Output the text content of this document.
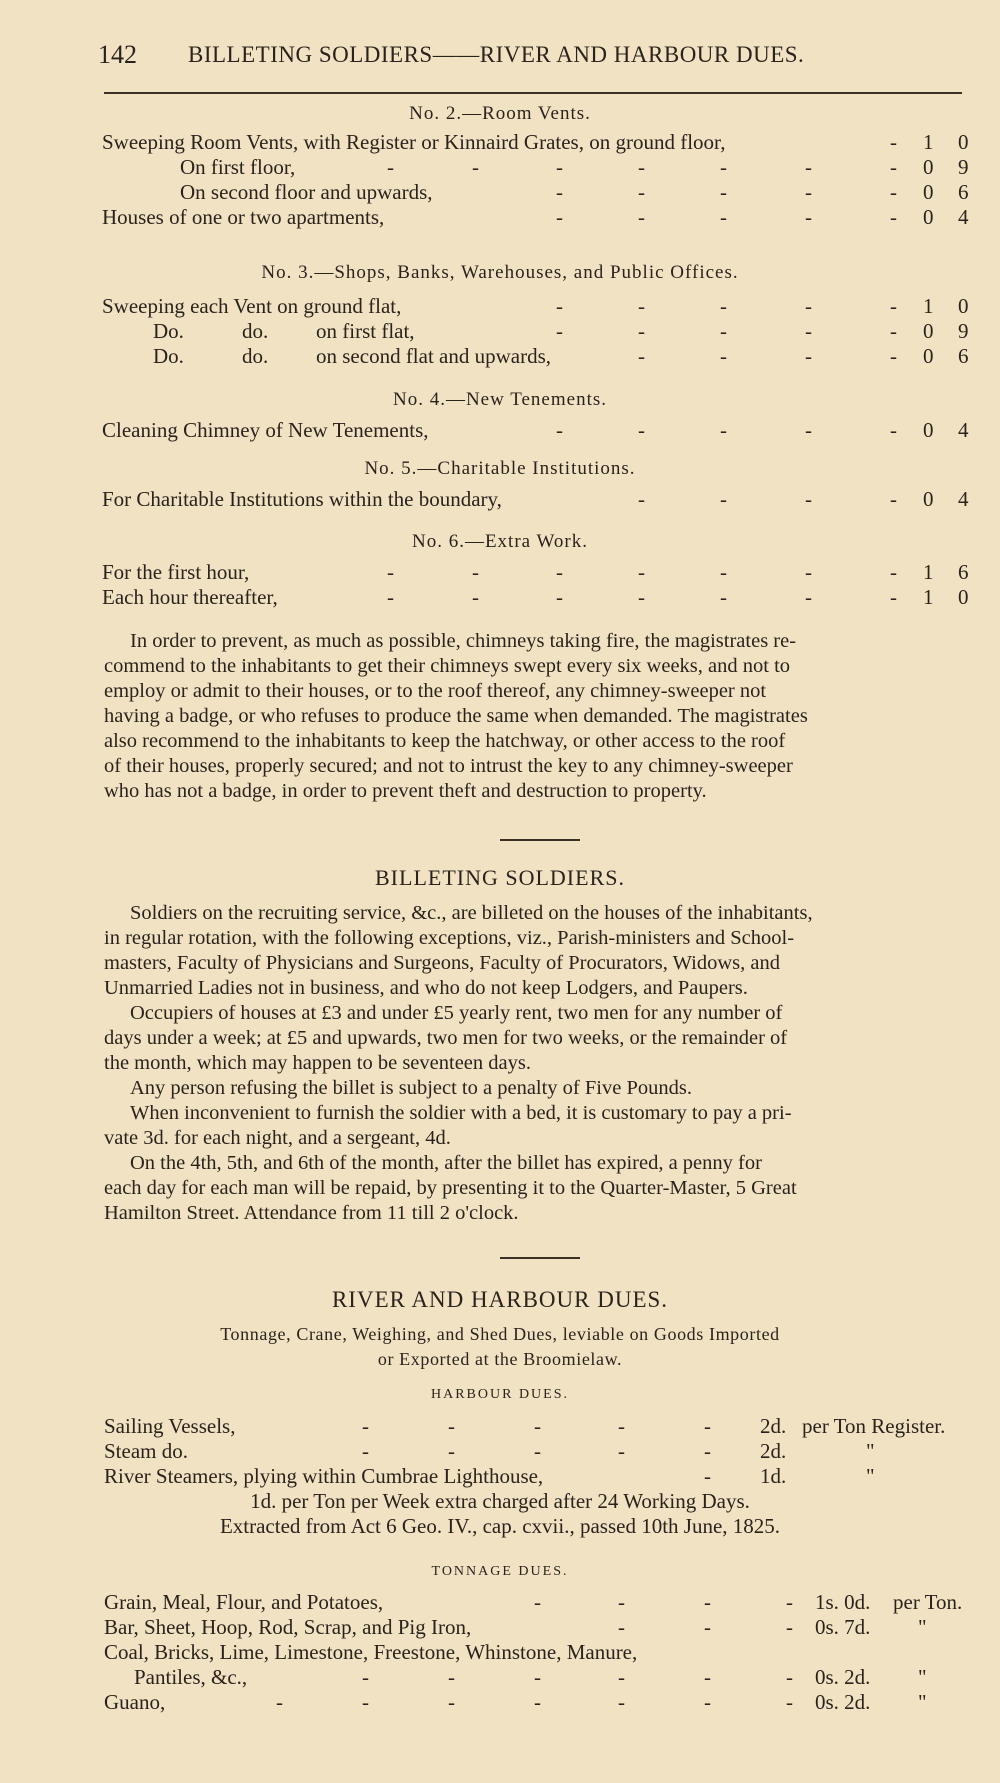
142 BILLETING SOLDIERS——RIVER AND HARBOUR DUES.
No. 2.—Room Vents.
Sweeping Room Vents, with Register or Kinnaird Grates, on ground floor,	- 1 0
On first floor,	-	-	-	-	-	-	- 0 9
On second floor and upwards,	-	-	-	-	- 0 6
Houses of one or two apartments,	-	-	-	-	- 0 4
No. 3.—Shops, Banks, Warehouses, and Public Offices.
Sweeping each Vent on ground flat,	-	-	-	-	- 1 0
Do.	do. on first flat,	-	-	-	-	- 0 9
Do.	do. on second flat and upwards,	-	-	-	- 0 6
No. 4.—New Tenements.
Cleaning Chimney of New Tenements,	-	-	-	-	- 0 4
No. 5.—Charitable Institutions.
For Charitable Institutions within the boundary,	-	-	-	- 0 4
No. 6.—Extra Work.
For the first hour,	-	-	-	-	-	-	- 1 6
Each hour thereafter,	-	-	-	-	-	-	- 1 0
In order to prevent, as much as possible, chimneys taking fire, the magistrates re-
commend to the inhabitants to get their chimneys swept every six weeks, and not to
employ or admit to their houses, or to the roof thereof, any chimney-sweeper not
having a badge, or who refuses to produce the same when demanded. The magistrates
also recommend to the inhabitants to keep the hatchway, or other access to the roof
of their houses, properly secured; and not to intrust the key to any chimney-sweeper
who has not a badge, in order to prevent theft and destruction to property.
BILLETING SOLDIERS.
Soldiers on the recruiting service, &c., are billeted on the houses of the inhabitants,
in regular rotation, with the following exceptions, viz., Parish-ministers and School-
masters, Faculty of Physicians and Surgeons, Faculty of Procurators, Widows, and
Unmarried Ladies not in business, and who do not keep Lodgers, and Paupers.
Occupiers of houses at £3 and under £5 yearly rent, two men for any number of
days under a week; at £5 and upwards, two men for two weeks, or the remainder of
the month, which may happen to be seventeen days.
Any person refusing the billet is subject to a penalty of Five Pounds.
When inconvenient to furnish the soldier with a bed, it is customary to pay a pri-
vate 3d. for each night, and a sergeant, 4d.
On the 4th, 5th, and 6th of the month, after the billet has expired, a penny for
each day for each man will be repaid, by presenting it to the Quarter-Master, 5 Great
Hamilton Street. Attendance from 11 till 2 o'clock.
RIVER AND HARBOUR DUES.
Tonnage, Crane, Weighing, and Shed Dues, leviable on Goods Imported
or Exported at the Broomielaw.
HARBOUR DUES.
Sailing Vessels,	-	-	-	-	- 2d. per Ton Register.
Steam do.	-	-	-	-	- 2d.	"
River Steamers, plying within Cumbrae Lighthouse,	- 1d.	"
1d. per Ton per Week extra charged after 24 Working Days.
Extracted from Act 6 Geo. IV., cap. cxvii., passed 10th June, 1825.
TONNAGE DUES.
Grain, Meal, Flour, and Potatoes,	-	-	-	- 1s. 0d. per Ton.
Bar, Sheet, Hoop, Rod, Scrap, and Pig Iron,	-	-	- 0s. 7d. "
Coal, Bricks, Lime, Limestone, Freestone, Whinstone, Manure,
Pantiles, &c.,	-	-	-	-	-	- 0s. 2d. "
Guano,	-	-	-	-	-	-	- 0s. 2d. "
